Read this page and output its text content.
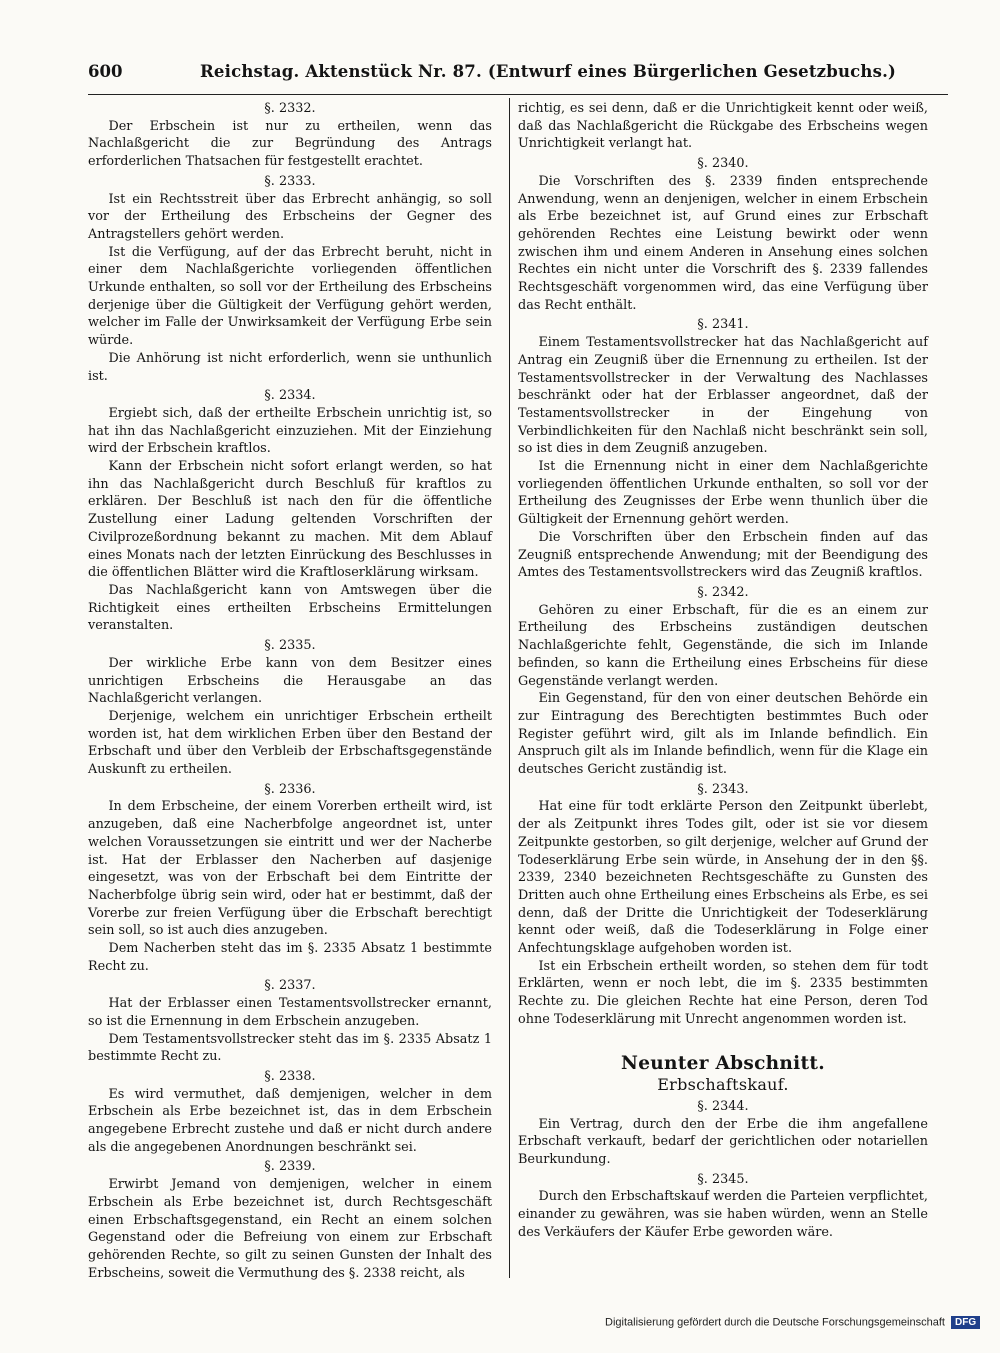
600	Reichstag. Aktenstück Nr. 87. (Entwurf eines Bürgerlichen Gesetzbuchs.)
§. 2332.

Der Erbschein ist nur zu ertheilen, wenn das Nachlaßgericht die zur Begründung des Antrags erforderlichen Thatsachen für festgestellt erachtet.

§. 2333.

Ist ein Rechtsstreit über das Erbrecht anhängig, so soll vor der Ertheilung des Erbscheins der Gegner des Antragstellers gehört werden.

Ist die Verfügung, auf der das Erbrecht beruht, nicht in einer dem Nachlaßgerichte vorliegenden öffentlichen Urkunde enthalten, so soll vor der Ertheilung des Erbscheins derjenige über die Gültigkeit der Verfügung gehört werden, welcher im Falle der Unwirksamkeit der Verfügung Erbe sein würde.

Die Anhörung ist nicht erforderlich, wenn sie unthunlich ist.

§. 2334.

Ergiebt sich, daß der ertheilte Erbschein unrichtig ist, so hat ihn das Nachlaßgericht einzuziehen. Mit der Einziehung wird der Erbschein kraftlos.

Kann der Erbschein nicht sofort erlangt werden, so hat ihn das Nachlaßgericht durch Beschluß für kraftlos zu erklären. Der Beschluß ist nach den für die öffentliche Zustellung einer Ladung geltenden Vorschriften der Civilprozeßordnung bekannt zu machen. Mit dem Ablauf eines Monats nach der letzten Einrückung des Beschlusses in die öffentlichen Blätter wird die Kraftloserklärung wirksam.

Das Nachlaßgericht kann von Amtswegen über die Richtigkeit eines ertheilten Erbscheins Ermittelungen veranstalten.

§. 2335.

Der wirkliche Erbe kann von dem Besitzer eines unrichtigen Erbscheins die Herausgabe an das Nachlaßgericht verlangen.

Derjenige, welchem ein unrichtiger Erbschein ertheilt worden ist, hat dem wirklichen Erben über den Bestand der Erbschaft und über den Verbleib der Erbschaftsgegenstände Auskunft zu ertheilen.

§. 2336.

In dem Erbscheine, der einem Vorerben ertheilt wird, ist anzugeben, daß eine Nacherbfolge angeordnet ist, unter welchen Voraussetzungen sie eintritt und wer der Nacherbe ist. Hat der Erblasser den Nacherben auf dasjenige eingesetzt, was von der Erbschaft bei dem Eintritte der Nacherbfolge übrig sein wird, oder hat er bestimmt, daß der Vorerbe zur freien Verfügung über die Erbschaft berechtigt sein soll, so ist auch dies anzugeben.

Dem Nacherben steht das im §. 2335 Absatz 1 bestimmte Recht zu.

§. 2337.

Hat der Erblasser einen Testamentsvollstrecker ernannt, so ist die Ernennung in dem Erbschein anzugeben.

Dem Testamentsvollstrecker steht das im §. 2335 Absatz 1 bestimmte Recht zu.

§. 2338.

Es wird vermuthet, daß demjenigen, welcher in dem Erbschein als Erbe bezeichnet ist, das in dem Erbschein angegebene Erbrecht zustehe und daß er nicht durch andere als die angegebenen Anordnungen beschränkt sei.

§. 2339.

Erwirbt Jemand von demjenigen, welcher in einem Erbschein als Erbe bezeichnet ist, durch Rechtsgeschäft einen Erbschaftsgegenstand, ein Recht an einem solchen Gegenstand oder die Befreiung von einem zur Erbschaft gehörenden Rechte, so gilt zu seinen Gunsten der Inhalt des Erbscheins, soweit die Vermuthung des §. 2338 reicht, als

richtig, es sei denn, daß er die Unrichtigkeit kennt oder weiß, daß das Nachlaßgericht die Rückgabe des Erbscheins wegen Unrichtigkeit verlangt hat.

§. 2340.

Die Vorschriften des §. 2339 finden entsprechende Anwendung, wenn an denjenigen, welcher in einem Erbschein als Erbe bezeichnet ist, auf Grund eines zur Erbschaft gehörenden Rechtes eine Leistung bewirkt oder wenn zwischen ihm und einem Anderen in Ansehung eines solchen Rechtes ein nicht unter die Vorschrift des §. 2339 fallendes Rechtsgeschäft vorgenommen wird, das eine Verfügung über das Recht enthält.

§. 2341.

Einem Testamentsvollstrecker hat das Nachlaßgericht auf Antrag ein Zeugniß über die Ernennung zu ertheilen. Ist der Testamentsvollstrecker in der Verwaltung des Nachlasses beschränkt oder hat der Erblasser angeordnet, daß der Testamentsvollstrecker in der Eingehung von Verbindlichkeiten für den Nachlaß nicht beschränkt sein soll, so ist dies in dem Zeugniß anzugeben.

Ist die Ernennung nicht in einer dem Nachlaßgerichte vorliegenden öffentlichen Urkunde enthalten, so soll vor der Ertheilung des Zeugnisses der Erbe wenn thunlich über die Gültigkeit der Ernennung gehört werden.

Die Vorschriften über den Erbschein finden auf das Zeugniß entsprechende Anwendung; mit der Beendigung des Amtes des Testamentsvollstreckers wird das Zeugniß kraftlos.

§. 2342.

Gehören zu einer Erbschaft, für die es an einem zur Ertheilung des Erbscheins zuständigen deutschen Nachlaßgerichte fehlt, Gegenstände, die sich im Inlande befinden, so kann die Ertheilung eines Erbscheins für diese Gegenstände verlangt werden.

Ein Gegenstand, für den von einer deutschen Behörde ein zur Eintragung des Berechtigten bestimmtes Buch oder Register geführt wird, gilt als im Inlande befindlich. Ein Anspruch gilt als im Inlande befindlich, wenn für die Klage ein deutsches Gericht zuständig ist.

§. 2343.

Hat eine für todt erklärte Person den Zeitpunkt überlebt, der als Zeitpunkt ihres Todes gilt, oder ist sie vor diesem Zeitpunkte gestorben, so gilt derjenige, welcher auf Grund der Todeserklärung Erbe sein würde, in Ansehung der in den §§. 2339, 2340 bezeichneten Rechtsgeschäfte zu Gunsten des Dritten auch ohne Ertheilung eines Erbscheins als Erbe, es sei denn, daß der Dritte die Unrichtigkeit der Todeserklärung kennt oder weiß, daß die Todeserklärung in Folge einer Anfechtungsklage aufgehoben worden ist.

Ist ein Erbschein ertheilt worden, so stehen dem für todt Erklärten, wenn er noch lebt, die im §. 2335 bestimmten Rechte zu. Die gleichen Rechte hat eine Person, deren Tod ohne Todeserklärung mit Unrecht angenommen worden ist.

Neunter Abschnitt.
Erbschaftskauf.
§. 2344.

Ein Vertrag, durch den der Erbe die ihm angefallene Erbschaft verkauft, bedarf der gerichtlichen oder notariellen Beurkundung.

§. 2345.

Durch den Erbschaftskauf werden die Parteien verpflichtet, einander zu gewähren, was sie haben würden, wenn an Stelle des Verkäufers der Käufer Erbe geworden wäre.

Digitalisierung gefördert durch die Deutsche Forschungsgemeinschaft DFG
